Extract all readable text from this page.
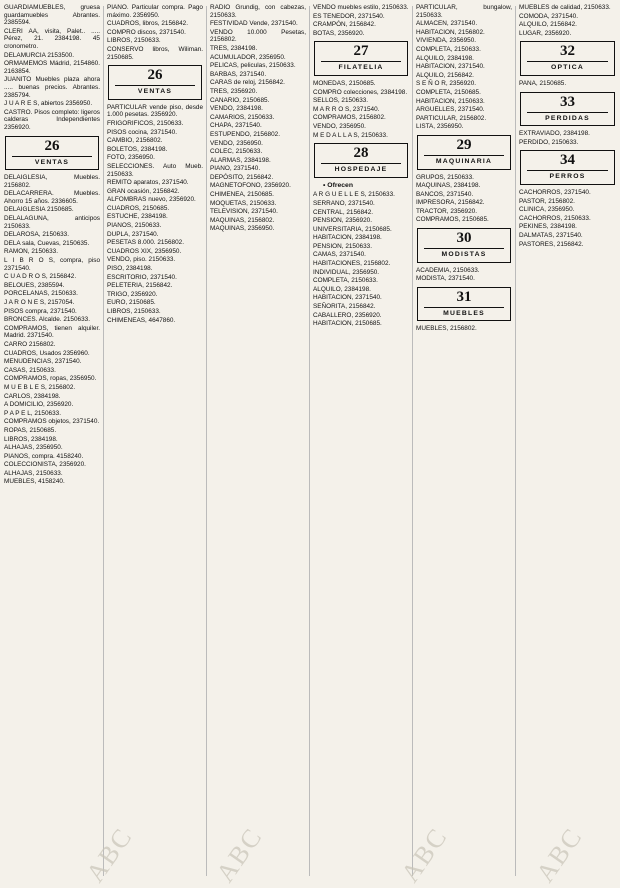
GUARDIAMUEBLES, gruesa guardamuebles Abrantes. 2385594.

CLERI AA, visita, Palet.. ..... Pérez, 21. 2384198. 45 cronometro.

DELAMURCIA 2153500.

ORMAMEMOS Mádrid, 2154860. 2163854.

JUANITO Muebles plaza ahora ..... buenas precios. Abrantes. 2385794.

J U A R E S, abiertos 2356950.

CASTRO. Pisos completo: ligeros calderas Independientes 2356920.

26
VENTAS

DELAIGLESIA, Muebles. 2156802.

DELACARRERA. Muebles. Ahorro 15 años. 2336605.

DELAIGLESIA 2150685.

DELALAGUNA, anticipos 2150633.

DELAROSA, 2150633.

DELA sala, Cuevas, 2150635.

RAMON, 2150633.

L I B R O S, compra, piso 2371540.

C U A D R O S, 2156842.

BELOUES, 2385594.

PORCELANAS, 2150633.

J A R O N E S, 2157054.

PISOS compra, 2371540.

BRONCES. Alcalde. 2150633.

COMPRAMOS, tienen alquiler. Madrid. 2371540.

CARRO 2156802.

CUADROS, Usados 2356960.

MENUDENCIAS, 2371540.

CASAS, 2150633.

COMPRAMOS, ropas, 2356950.

M U E B L E S, 2156802.

CARLOS, 2384198.

A DOMICILIO, 2356920.

P A P E L, 2150633.

COMPRAMOS objetos, 2371540.

ROPAS, 2150685.

LIBROS, 2384198.

ALHAJAS, 2356950.

PIANOS, compra. 4158240.

COLECCIONISTA, 2356920.

ALHAJAS, 2150633.

MUEBLES, 4158240.

PIANO. Particular compra. Pago máximo. 2356950.

CUADROS, libros, 2156842.

COMPRO discos, 2371540.

LIBROS, 2150633.

CONSERVO libros, Wiliman. 2150685.

26
VENTAS

PARTICULAR vende piso, desde 1.000 pesetas. 2356920.

FRIGORIFICOS, 2150633.

PISOS cocina, 2371540.

CAMBIO, 2156802.

BOLETOS, 2384198.

FOTO, 2356950.

SELECCIONES. Auto Mueb. 2150633.

REMITO aparatos, 2371540.

GRAN ocasión, 2156842.

ALFOMBRAS nuevo, 2356920.

CUADROS, 2150685.

ESTUCHE, 2384198.

PIANOS, 2150633.

DUPLA, 2371540.

PESETAS 8.000. 2156802.

CUADROS XIX, 2356950.

VENDO, piso. 2150633.

PISO, 2384198.

ESCRITORIO, 2371540.

PELETERIA, 2156842.

TRIGO, 2356920.

EURO, 2150685.

LIBROS, 2150633.

CHIMENEAS, 4647860.

RADIO Grundig, con cabezas, 2150633.

FESTIVIDAD Vende, 2371540.

VENDO 10.000 Pesetas, 2156802.

TRES, 2384198.

ACUMULADOR, 2356950.

PELICAS, peliculas, 2150633.

BARBAS, 2371540.

CARAS de reloj, 2156842.

TRES, 2356920.

CANARIO, 2150685.

VENDO, 2384198.

CAMARIOS, 2150633.

CHAPA, 2371540.

ESTUPENDO, 2156802.

VENDO, 2356950.

COLEC, 2150633.

ALARMAS, 2384198.

PIANO, 2371540.

DEPÓSITO, 2156842.

MAGNETOFONO, 2356920.

CHIMENEA, 2150685.

MOQUETAS, 2150633.

TELEVISION, 2371540.

MAQUINAS, 2156802.

MAQUINAS, 2356950.

VENDO muebles estilo, 2150633.

ES TENEDOR, 2371540.

CRAMPÓN, 2156842.

BOTAS, 2356920.

27
FILATELIA

MONEDAS, 2150685.

COMPRO colecciones, 2384198.

SELLOS, 2150633.

M A R R O S, 2371540.

COMPRAMOS, 2156802.

VENDO, 2356950.

M E D A L L A S, 2150633.

28
HOSPEDAJE
• Ofrecen

A R G U E L L E S, 2150633.

SERRANO, 2371540.

CENTRAL, 2156842.

PENSION, 2356920.

UNIVERSITARIA, 2150685.

HABITACION, 2384198.

PENSION, 2150633.

CAMAS, 2371540.

HABITACIONES, 2156802.

INDIVIDUAL, 2356950.

COMPLETA, 2150633.

ALQUILO, 2384198.

HABITACION, 2371540.

SEÑORITA, 2156842.

CABALLERO, 2356920.

HABITACION, 2150685.

PARTICULAR, bungalow, 2150633.

ALMACEN, 2371540.

HABITACION, 2156802.

VIVIENDA, 2356950.

COMPLETA, 2150633.

ALQUILO, 2384198.

HABITACION, 2371540.

ALQUILO, 2156842.

S E Ñ O R, 2356920.

COMPLETA, 2150685.

HABITACION, 2150633.

ARGUELLES, 2371540.

PARTICULAR, 2156802.

LISTA, 2356950.

29
MAQUINARIA

GRUPOS, 2150633.

MAQUINAS, 2384198.

BANCOS, 2371540.

IMPRESORA, 2156842.

TRACTOR, 2356920.

COMPRAMOS, 2150685.

30
MODISTAS

ACADEMIA, 2150633.

MODISTA, 2371540.

31
MUEBLES

MUEBLES, 2156802.

MUEBLES de calidad, 2150633.

COMODA, 2371540.

ALQUILO, 2156842.

LUGAR, 2356920.

32
OPTICA

PANA, 2150685.

33
PERDIDAS

EXTRAVIADO, 2384198.

PERDIDO, 2150633.

34
PERROS

CACHORROS, 2371540.

PASTOR, 2156802.

CLINICA, 2356950.

CACHORROS, 2150633.

PEKINES, 2384198.

DALMATAS, 2371540.

PASTORES, 2156842.

ABC	ABC	ABC	ABC
